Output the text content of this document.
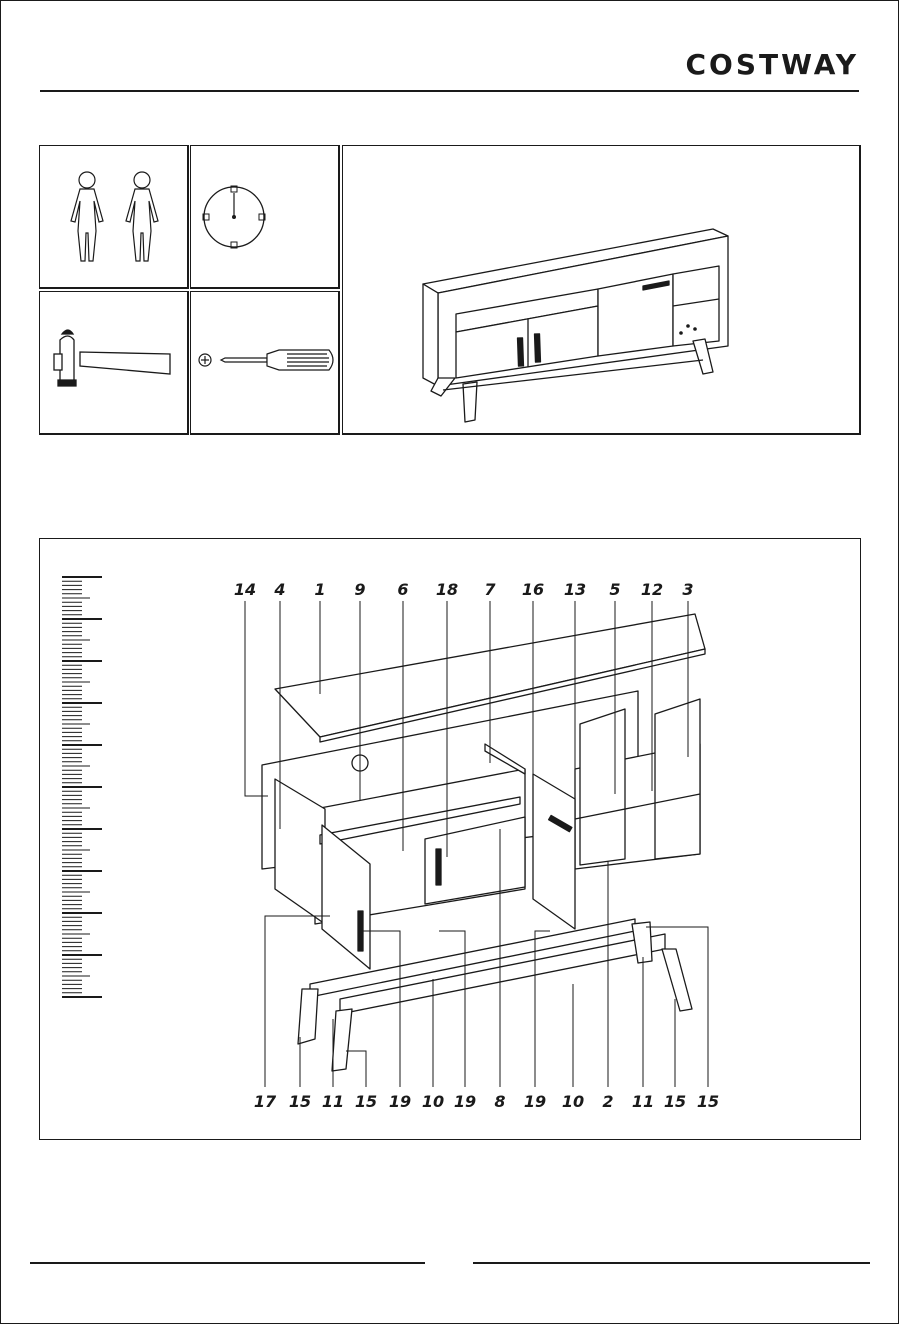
COSTWAY
14 4 1 9 6 18 7 16 13 5 12 3
17 15 11 15 19 10 19 8 19 10 2 11 15 15
